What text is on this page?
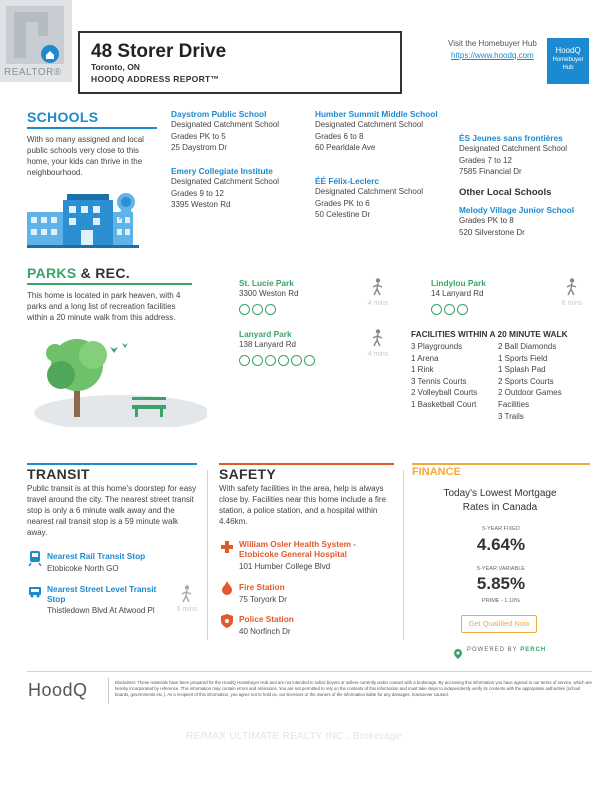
REALTOR®
48 Storer Drive
Toronto, ON
HOODQ ADDRESS REPORT™
Visit the Homebuyer Hub
https://www.hoodq.com
HoodQ
Homebuyer
Hub
SCHOOLS
With so many assigned and local public schools very close to this home, your kids can thrive in the neighbourhood.
Daystrom Public School
Designated Catchment School
Grades PK to 5
25 Daystrom Dr
Emery Collegiate Institute
Designated Catchment School
Grades 9 to 12
3395 Weston Rd
Humber Summit Middle School
Designated Catchment School
Grades 6 to 8
60 Pearldale Ave
ÉÉ Félix-Leclerc
Designated Catchment School
Grades PK to 6
50 Celestine Dr
ÉS Jeunes sans frontières
Designated Catchment School
Grades 7 to 12
7585 Financial Dr
Other Local Schools
Melody Village Junior School
Grades PK to 8
520 Silverstone Dr
PARKS & REC.
This home is located in park heaven, with 4 parks and a long list of recreation facilities within a 20 minute walk from this address.
St. Lucie Park
3300 Weston Rd
4 mins
Lindylou Park
14 Lanyard Rd
6 mins
Lanyard Park
138 Lanyard Rd
4 mins
FACILITIES WITHIN A 20 MINUTE WALK
3 Playgrounds
1 Arena
1 Rink
3 Tennis Courts
2 Volleyball Courts
1 Basketball Court
2 Ball Diamonds
1 Sports Field
1 Splash Pad
2 Sports Courts
2 Outdoor Games
Facilities
3 Trails
TRANSIT
Public transit is at this home's doorstep for easy travel around the city. The nearest street transit stop is only a 6 minute walk away and the nearest rail transit stop is a 59 minute walk away.
Nearest Rail Transit Stop
Etobicoke North GO
Nearest Street Level Transit Stop
Thistledown Blvd At Atwood Pl	6 mins
SAFETY
With safety facilities in the area, help is always close by. Facilities near this home include a fire station, a police station, and a hospital within 4.46km.
William Osler Health System - Etobicoke General Hospital
101 Humber College Blvd
Fire Station
75 Toryork Dr
Police Station
40 Norfinch Dr
FINANCE
Today's Lowest Mortgage Rates in Canada
5-YEAR FIXED
4.64%
5-YEAR VARIABLE
5.85%
PRIME - 1.10%
Get Qualified Now
POWERED BY PERCH
HoodQ	Disclaimer: These materials have been prepared for the HoodQ Homebuyer Hub and are not intended to solicit buyers or sellers currently under contact with a brokerage. By accessing this information you have agreed to our terms of service, which are hereby incorporated by reference. This information may contain errors and omissions. You are not permitted to rely on the contents of this information and must take steps to independently verify its contents with the appropriate authorities (school boards, governments etc.). As a recipient of this information, you agree not to hold us, our licensors or the owners of the information liable for any damages, howsoever caused.
RE/MAX ULTIMATE REALTY INC., Brokerage
